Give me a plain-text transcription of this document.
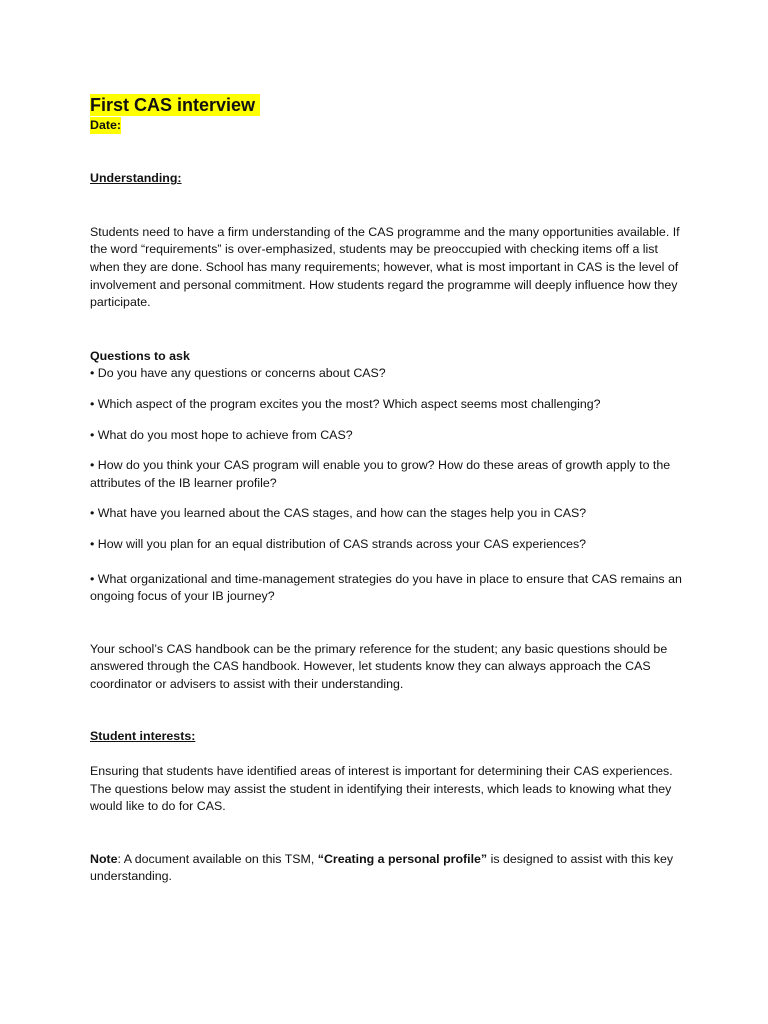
First CAS interview

Date:

Understanding:

Students need to have a firm understanding of the CAS programme and the many opportunities available. If the word “requirements” is over-emphasized, students may be preoccupied with checking items off a list when they are done. School has many requirements; however, what is most important in CAS is the level of involvement and personal commitment. How students regard the programme will deeply influence how they participate.

Questions to ask

• Do you have any questions or concerns about CAS?

• Which aspect of the program excites you the most? Which aspect seems most challenging?

• What do you most hope to achieve from CAS?

• How do you think your CAS program will enable you to grow? How do these areas of growth apply to the attributes of the IB learner profile?

• What have you learned about the CAS stages, and how can the stages help you in CAS?

• How will you plan for an equal distribution of CAS strands across your CAS experiences?

• What organizational and time-management strategies do you have in place to ensure that CAS remains an ongoing focus of your IB journey?

Your school’s CAS handbook can be the primary reference for the student; any basic questions should be answered through the CAS handbook. However, let students know they can always approach the CAS coordinator or advisers to assist with their understanding.

Student interests:

Ensuring that students have identified areas of interest is important for determining their CAS experiences. The questions below may assist the student in identifying their interests, which leads to knowing what they would like to do for CAS.

Note: A document available on this TSM, “Creating a personal profile” is designed to assist with this key understanding.
